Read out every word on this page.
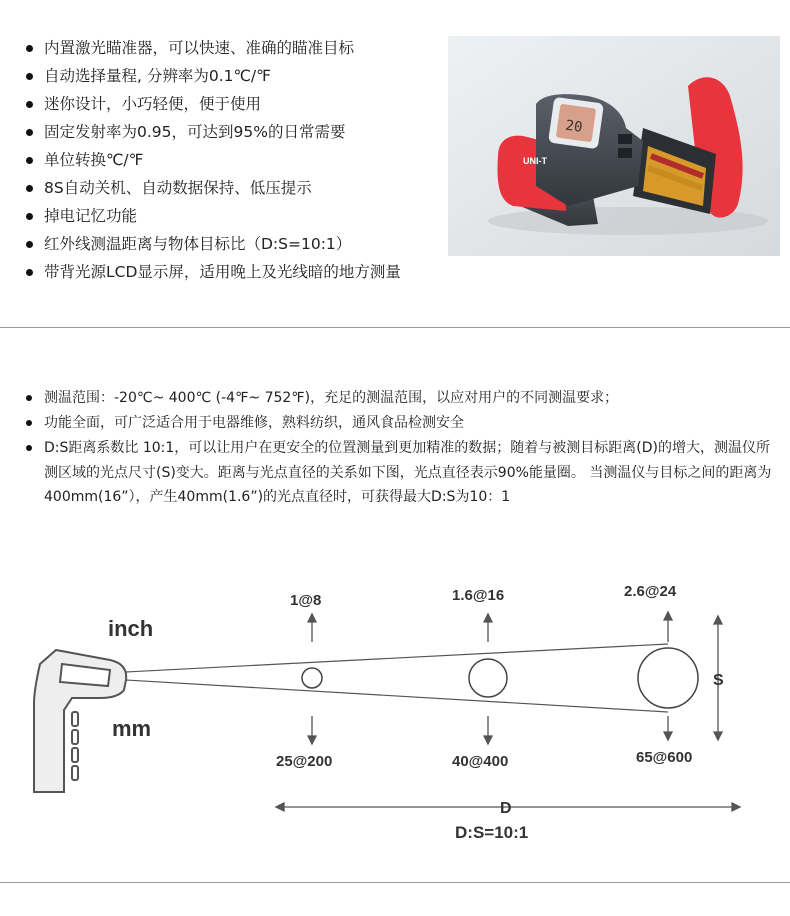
内置激光瞄准器，可以快速、准确的瞄准目标
自动选择量程, 分辨率为0.1℃/℉
迷你设计，小巧轻便，便于使用
固定发射率为0.95，可达到95%的日常需要
单位转换℃/℉
8S自动关机、自动数据保持、低压提示
掉电记忆功能
红外线测温距离与物体目标比（D:S=10:1）
带背光源LCD显示屏，适用晚上及光线暗的地方测量
20
UNI-T
测温范围：-20℃~ 400℃ (-4℉~ 752℉)，充足的测温范围，以应对用户的不同测温要求；
功能全面，可广泛适合用于电器维修，熟料纺织，通风食品检测安全
D:S距离系数比 10:1，可以让用户在更安全的位置测量到更加精准的数据；随着与被测目标距离(D)的增大，测温仪所测区域的光点尺寸(S)变大。距离与光点直径的关系如下图，光点直径表示90%能量圈。 当测温仪与目标之间的距离为400mm(16”），产生40mm(1.6”)的光点直径时，可获得最大D:S为10：1
inch
mm
1@8	1.6@16	2.6@24
25@200	40@400	65@600
S
D
D:S=10:1
